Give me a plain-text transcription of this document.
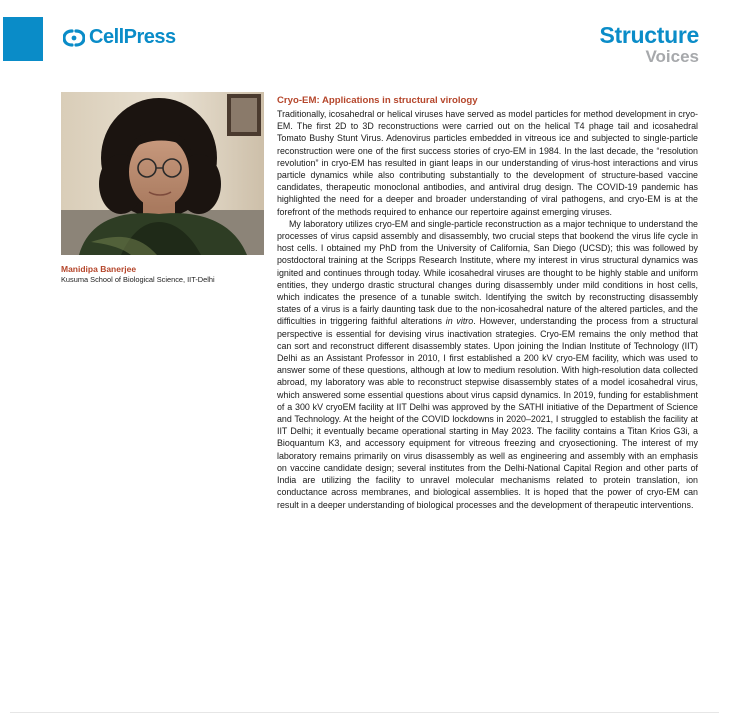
CellPress	Structure
Voices
Manidipa Banerjee
Kusuma School of Biological Science, IIT-Delhi
Cryo-EM: Applications in structural virology

Traditionally, icosahedral or helical viruses have served as model particles for method development in cryo-EM. The first 2D to 3D reconstructions were carried out on the helical T4 phage tail and icosahedral Tomato Bushy Stunt Virus. Adenovirus particles embedded in vitreous ice and subjected to single-particle reconstruction were one of the first success stories of cryo-EM in 1984. In the last decade, the “resolution revolution” in cryo-EM has resulted in giant leaps in our understanding of virus-host interactions and virus particle dynamics while also contributing substantially to the development of structure-based vaccine candidates, therapeutic monoclonal antibodies, and antiviral drug design. The COVID-19 pandemic has highlighted the need for a deeper and broader understanding of viral pathogens, and cryo-EM is at the forefront of the methods required to enhance our repertoire against emerging viruses.

My laboratory utilizes cryo-EM and single-particle reconstruction as a major technique to understand the processes of virus capsid assembly and disassembly, two crucial steps that bookend the virus life cycle in host cells. I obtained my PhD from the University of California, San Diego (UCSD); this was followed by postdoctoral training at the Scripps Research Institute, where my interest in virus structural dynamics was ignited and continues through today. While icosahedral viruses are thought to be highly stable and uniform entities, they undergo drastic structural changes during disassembly under mild conditions in host cells, which indicates the presence of a tunable switch. Identifying the switch by reconstructing disassembly states of a virus is a fairly daunting task due to the non-icosahedral nature of the altered particles, and the difficulties in triggering faithful alterations in vitro. However, understanding the process from a structural perspective is essential for devising virus inactivation strategies. Cryo-EM remains the only method that can sort and reconstruct different disassembly states. Upon joining the Indian Institute of Technology (IIT) Delhi as an Assistant Professor in 2010, I first established a 200 kV cryo-EM facility, which was used to answer some of these questions, although at low to medium resolution. With high-resolution data collected abroad, my laboratory was able to reconstruct stepwise disassembly states of a model icosahedral virus, which answered some essential questions about virus capsid dynamics. In 2019, funding for establishment of a 300 kV cryoEM facility at IIT Delhi was approved by the SATHI initiative of the Department of Science and Technology. At the height of the COVID lockdowns in 2020–2021, I struggled to establish the facility at IIT Delhi; it eventually became operational starting in May 2023. The facility contains a Titan Krios G3i, a Bioquantum K3, and accessory equipment for vitreous freezing and cryosectioning. The interest of my laboratory remains primarily on virus disassembly as well as engineering and assembly with an emphasis on vaccine candidate design; several institutes from the Delhi-National Capital Region and other parts of India are utilizing the facility to unravel molecular mechanisms related to protein translation, ion conductance across membranes, and biological assemblies. It is hoped that the power of cryo-EM can result in a deeper understanding of biological processes and the development of therapeutic interventions.
